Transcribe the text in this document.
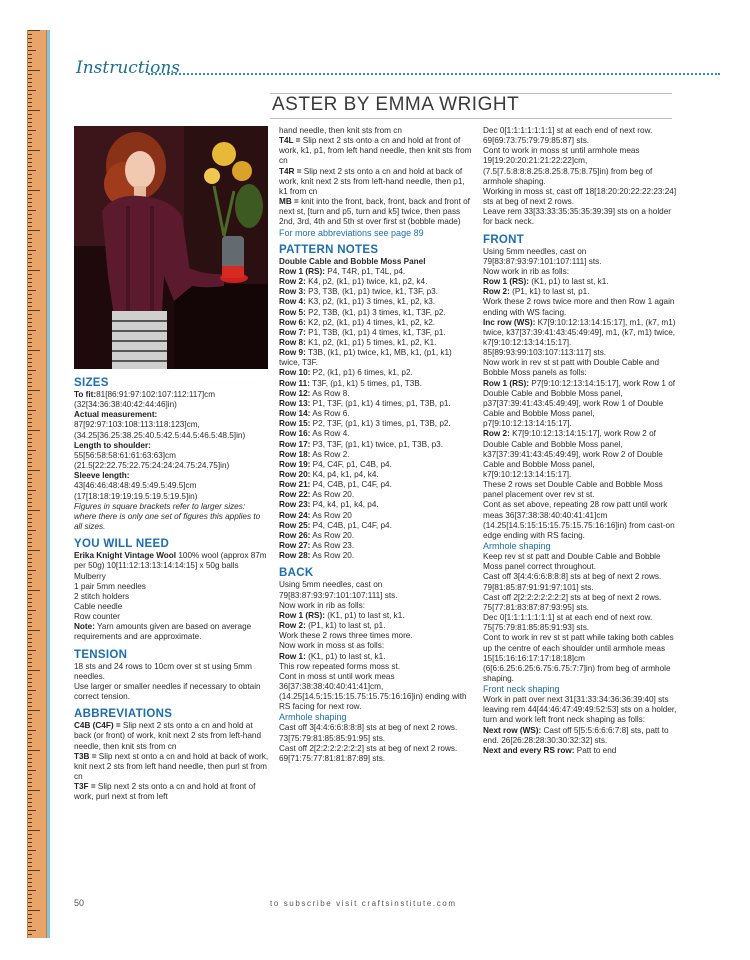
Instructions
ASTER BY EMMA WRIGHT

SIZES

To fit:81[86:91:97:102:107:112:117]cm

(32[34:36:38:40:42:44:46]in)

Actual measurement:

87[92:97:103:108:113:118:123]cm,

(34.25[36.25:38.25:40.5:42.5:44.5:46.5:48.5]in)

Length to shoulder:

55[56:58:58:61:61:63:63]cm

(21.5[22:22.75:22.75:24:24:24.75:24.75]in)

Sleeve length:

43[46:46:48:48:49.5:49.5:49.5]cm

(17[18:18:19:19:19.5:19.5:19.5]in)

Figures in square brackets refer to larger sizes: where there is only one set of figures this applies to all sizes.

YOU WILL NEED

Erika Knight Vintage Wool 100% wool (approx 87m per 50g) 10[11:12:13:13:14:14:15] x 50g balls Mulberry

1 pair 5mm needles

2 stitch holders

Cable needle

Row counter

Note: Yarn amounts given are based on average requirements and are approximate.

TENSION

18 sts and 24 rows to 10cm over st st using 5mm needles.

Use larger or smaller needles if necessary to obtain correct tension.

ABBREVIATIONS

C4B (C4F) = Slip next 2 sts onto a cn and hold at back (or front) of work, knit next 2 sts from left-hand needle, then knit sts from cn

T3B = Slip next st onto a cn and hold at back of work, knit next 2 sts from left hand needle, then purl st from cn

T3F = Slip next 2 sts onto a cn and hold at front of work, purl next st from left

hand needle, then knit sts from cn

T4L = Slip next 2 sts onto a cn and hold at front of work, k1, p1, from left hand needle, then knit sts from cn

T4R = Slip next 2 sts onto a cn and hold at back of work, knit next 2 sts from left-hand needle, then p1, k1 from cn

MB = knit into the front, back, front, back and front of next st, [turn and p5, turn and k5] twice, then pass 2nd, 3rd, 4th and 5th st over first st (bobble made)

For more abbreviations see page 89

PATTERN NOTES

Double Cable and Bobble Moss Panel

Row 1 (RS): P4, T4R, p1, T4L, p4.

Row 2: K4, p2, (k1, p1) twice, k1, p2, k4.

Row 3: P3, T3B, (k1, p1) twice, k1, T3F, p3.

Row 4: K3, p2, (k1, p1) 3 times, k1, p2, k3.

Row 5: P2, T3B, (k1, p1) 3 times, k1, T3F, p2.

Row 6: K2, p2, (k1, p1) 4 times, k1, p2, k2.

Row 7: P1, T3B, (k1, p1) 4 times, k1, T3F, p1.

Row 8: K1, p2, (k1, p1) 5 times, k1, p2, K1.

Row 9: T3B, (k1, p1) twice, k1, MB, k1, (p1, k1) twice, T3F.

Row 10: P2, (k1, p1) 6 times, k1, p2.

Row 11: T3F, (p1, k1) 5 times, p1, T3B.

Row 12: As Row 8.

Row 13: P1, T3F, (p1, k1) 4 times, p1, T3B, p1.

Row 14: As Row 6.

Row 15: P2, T3F, (p1, k1) 3 times, p1, T3B, p2.

Row 16: As Row 4.

Row 17: P3, T3F, (p1, k1) twice, p1, T3B, p3.

Row 18: As Row 2.

Row 19: P4, C4F, p1, C4B, p4.

Row 20: K4, p4, k1, p4, k4.

Row 21: P4, C4B, p1, C4F, p4.

Row 22: As Row 20.

Row 23: P4, k4, p1, k4, p4.

Row 24: As Row 20

Row 25: P4, C4B, p1, C4F, p4.

Row 26: As Row 20.

Row 27: As Row 23.

Row 28: As Row 20.

BACK

Using 5mm needles, cast on 79[83:87:93:97:101:107:111] sts.

Now work in rib as folls:

Row 1 (RS): (K1, p1) to last st, k1.

Row 2: (P1, k1) to last st, p1.

Work these 2 rows three times more.

Now work in moss st as folls:

Row 1: (K1, p1) to last st, k1.

This row repeated forms moss st.

Cont in moss st until work meas 36[37:38:38:40:40:41:41]cm, (14.25[14.5:15:15:15.75:15.75:16:16]in) ending with RS facing for next row.

Armhole shaping

Cast off 3[4:4:6:6:8:8:8] sts at beg of next 2 rows. 73[75:79:81:85:85:91:95] sts.

Cast off 2[2:2:2:2:2:2:2] sts at beg of next 2 rows. 69[71:75:77:81:81:87:89] sts.

Dec 0[1:1:1:1:1:1:1] st at each end of next row. 69[69:73:75:79:79:85:87] sts.

Cont to work in moss st until armhole meas 19[19:20:20:21:21:22:22]cm, (7.5[7.5:8:8:8.25:8.25:8.75:8.75]in) from beg of armhole shaping.

Working in moss st, cast off 18[18:20:20:22:22:23:24] sts at beg of next 2 rows.

Leave rem 33[33:33:35:35:35:39:39] sts on a holder for back neck.

FRONT

Using 5mm needles, cast on 79[83:87:93:97:101:107:111] sts.

Now work in rib as folls:

Row 1 (RS): (K1, p1) to last st, k1.

Row 2: (P1, k1) to last st, p1.

Work these 2 rows twice more and then Row 1 again ending with WS facing.

Inc row (WS): K7[9:10:12:13:14:15:17], m1, (k7, m1) twice, k37[37:39:41:43:45:49:49], m1, (k7, m1) twice, k7[9:10:12:13:14:15:17]. 85[89:93:99:103:107:113:117] sts.

Now work in rev st st patt with Double Cable and Bobble Moss panels as folls:

Row 1 (RS): P7[9:10:12:13:14:15:17], work Row 1 of Double Cable and Bobble Moss panel, p37[37:39:41:43:45:49:49], work Row 1 of Double Cable and Bobble Moss panel, p7[9:10:12:13:14:15:17].

Row 2: K7[9:10:12:13:14:15:17], work Row 2 of Double Cable and Bobble Moss panel, k37[37:39:41:43:45:49:49], work Row 2 of Double Cable and Bobble Moss panel, k7[9:10:12:13:14:15:17].

These 2 rows set Double Cable and Bobble Moss panel placement over rev st st.

Cont as set above, repeating 28 row patt until work meas 36[37:38:38:40:40:41:41]cm (14.25[14.5:15:15:15.75:15.75:16:16]in) from cast-on edge ending with RS facing.

Armhole shaping

Keep rev st st patt and Double Cable and Bobble Moss panel correct throughout.

Cast off 3[4:4:6:6:8:8:8] sts at beg of next 2 rows. 79[81:85:87:91:91:97:101] sts.

Cast off 2[2:2:2:2:2:2:2] sts at beg of next 2 rows. 75[77:81:83:87:87:93:95] sts.

Dec 0[1:1:1:1:1:1:1] st at each end of next row. 75[75:79:81:85:85:91:93] sts.

Cont to work in rev st st patt while taking both cables up the centre of each shoulder until armhole meas 15[15:16:16:17:17:18:18]cm (6[6:6.25:6.25:6.75:6.75:7:7]in) from beg of armhole shaping.

Front neck shaping

Work in patt over next 31[31:33:34:36:36:39:40] sts leaving rem 44[44:46:47:49:49:52:53] sts on a holder, turn and work left front neck shaping as folls:

Next row (WS): Cast off 5[5:5:6:6:6:7:8] sts, patt to end. 26[26:28:28:30:30:32:32] sts.

Next and every RS row: Patt to end

50	to subscribe visit craftsinstitute.com
